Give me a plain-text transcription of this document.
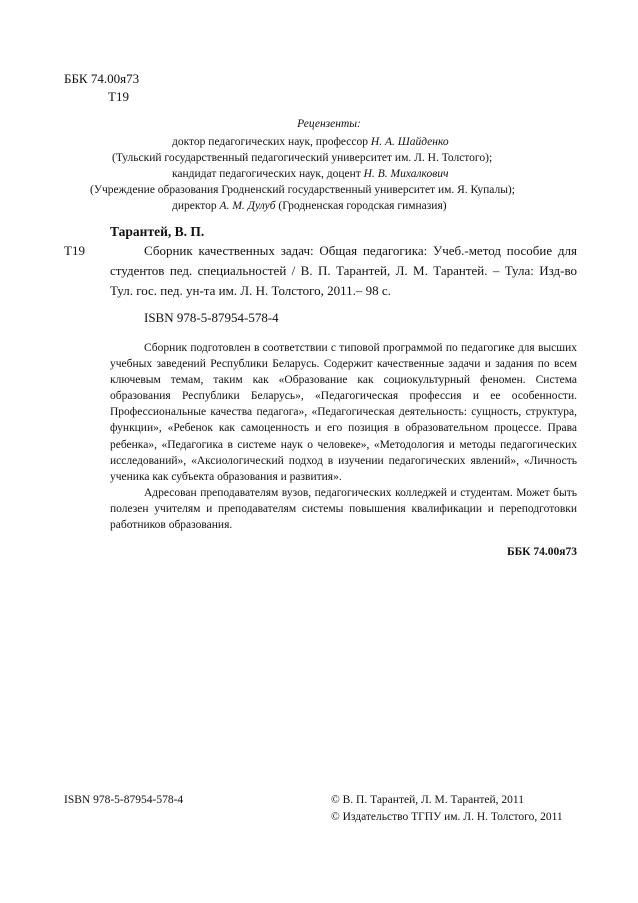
ББК 74.00я73
Т19
Рецензенты:
доктор педагогических наук, профессор Н. А. Шайденко
(Тульский государственный педагогический университет им. Л. Н. Толстого);
кандидат педагогических наук, доцент Н. В. Михалкович
(Учреждение образования Гродненский государственный университет им. Я. Купалы);
директор А. М. Дулуб (Гродненская городская гимназия)
Тарантей, В. П.
Т19	Сборник качественных задач: Общая педагогика: Учеб.-метод пособие для студентов пед. специальностей / В. П. Тарантей, Л. М. Тарантей. – Тула: Изд-во Тул. гос. пед. ун-та им. Л. Н. Толстого, 2011.– 98 с.
ISBN 978-5-87954-578-4

Сборник подготовлен в соответствии с типовой программой по педагогике для высших учебных заведений Республики Беларусь. Содержит качественные задачи и задания по всем ключевым темам, таким как «Образование как социокультурный феномен. Система образования Республики Беларусь», «Педагогическая профессия и ее особенности. Профессиональные качества педагога», «Педагогическая деятельность: сущность, структура, функции», «Ребенок как самоценность и его позиция в образовательном процессе. Права ребенка», «Педагогика в системе наук о человеке», «Методология и методы педагогических исследований», «Аксиологический подход в изучении педагогических явлений», «Личность ученика как субъекта образования и развития».

Адресован преподавателям вузов, педагогических колледжей и студентам. Может быть полезен учителям и преподавателям системы повышения квалификации и переподготовки работников образования.

ББК 74.00я73
ISBN 978-5-87954-578-4	© В. П. Тарантей, Л. М. Тарантей, 2011
© Издательство ТГПУ им. Л. Н. Толстого, 2011
